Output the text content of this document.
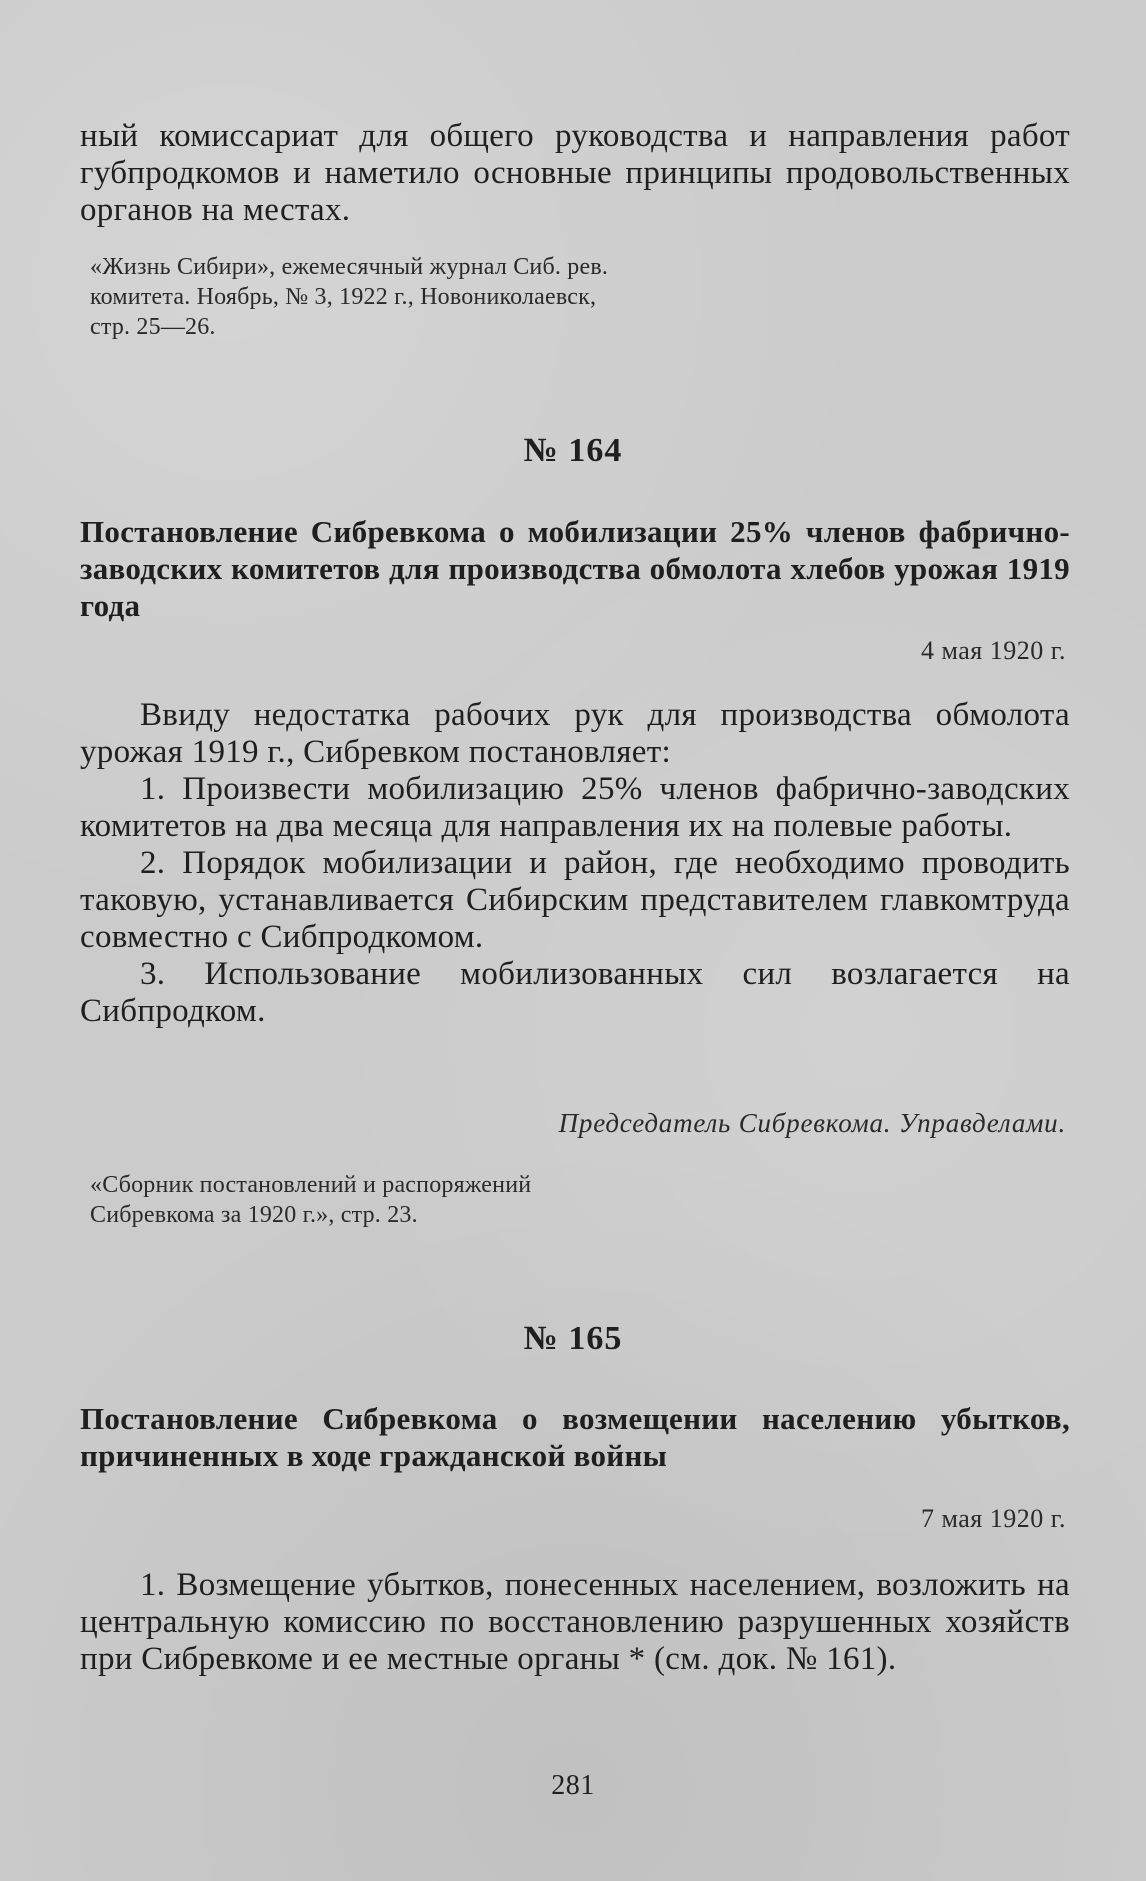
ный комиссариат для общего руководства и направления работ губпродкомов и наметило основные принципы продовольственных органов на местах.

«Жизнь Сибири», ежемесячный журнал Сиб. рев. комитета. Ноябрь, № 3, 1922 г., Новониколаевск, стр. 25—26.
№ 164
Постановление Сибревкома о мобилизации 25% членов фабрично-заводских комитетов для производства обмолота хлебов урожая 1919 года
4 мая 1920 г.

Ввиду недостатка рабочих рук для производства обмолота урожая 1919 г., Сибревком постановляет:

1. Произвести мобилизацию 25% членов фабрично-заводских комитетов на два месяца для направления их на полевые работы.

2. Порядок мобилизации и район, где необходимо проводить таковую, устанавливается Сибирским представителем главкомтруда совместно с Сибпродкомом.

3. Использование мобилизованных сил возлагается на Сибпродком.

Председатель Сибревкома. Управделами.
«Сборник постановлений и распоряжений Сибревкома за 1920 г.», стр. 23.
№ 165
Постановление Сибревкома о возмещении населению убытков, причиненных в ходе гражданской войны
7 мая 1920 г.

1. Возмещение убытков, понесенных населением, возложить на центральную комиссию по восстановлению разрушенных хозяйств при Сибревкоме и ее местные органы * (см. док. № 161).

281
